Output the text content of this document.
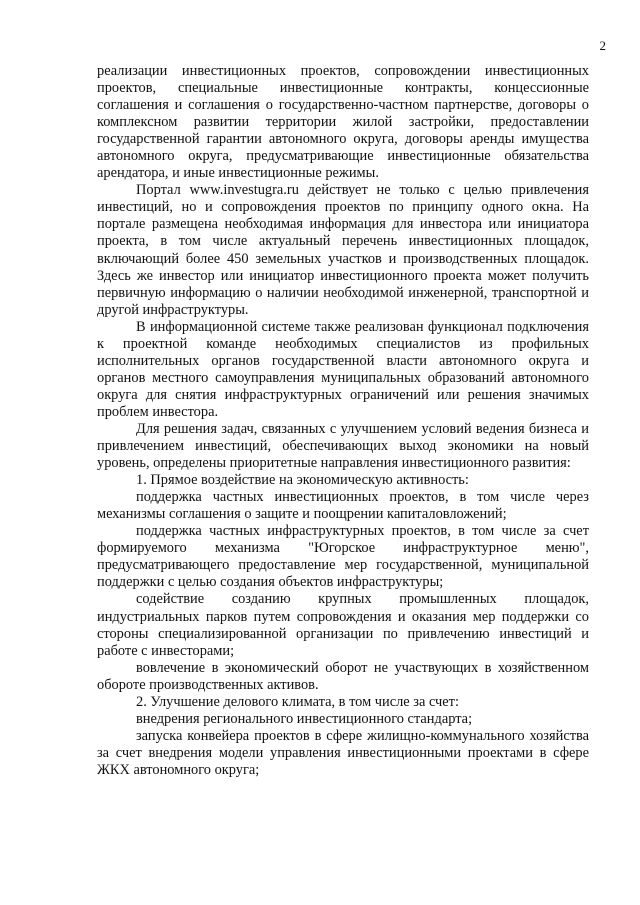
2

реализации инвестиционных проектов, сопровождении инвестиционных проектов, специальные инвестиционные контракты, концессионные соглашения и соглашения о государственно-частном партнерстве, договоры о комплексном развитии территории жилой застройки, предоставлении государственной гарантии автономного округа, договоры аренды имущества автономного округа, предусматривающие инвестиционные обязательства арендатора, и иные инвестиционные режимы.

Портал www.investugra.ru действует не только с целью привлечения инвестиций, но и сопровождения проектов по принципу одного окна. На портале размещена необходимая информация для инвестора или инициатора проекта, в том числе актуальный перечень инвестиционных площадок, включающий более 450 земельных участков и производственных площадок. Здесь же инвестор или инициатор инвестиционного проекта может получить первичную информацию о наличии необходимой инженерной, транспортной и другой инфраструктуры.

В информационной системе также реализован функционал подключения к проектной команде необходимых специалистов из профильных исполнительных органов государственной власти автономного округа и органов местного самоуправления муниципальных образований автономного округа для снятия инфраструктурных ограничений или решения значимых проблем инвестора.

Для решения задач, связанных с улучшением условий ведения бизнеса и привлечением инвестиций, обеспечивающих выход экономики на новый уровень, определены приоритетные направления инвестиционного развития:

1. Прямое воздействие на экономическую активность:

поддержка частных инвестиционных проектов, в том числе через механизмы соглашения о защите и поощрении капиталовложений;

поддержка частных инфраструктурных проектов, в том числе за счет формируемого механизма "Югорское инфраструктурное меню", предусматривающего предоставление мер государственной, муниципальной поддержки с целью создания объектов инфраструктуры;

содействие созданию крупных промышленных площадок, индустриальных парков путем сопровождения и оказания мер поддержки со стороны специализированной организации по привлечению инвестиций и работе с инвесторами;

вовлечение в экономический оборот не участвующих в хозяйственном обороте производственных активов.

2. Улучшение делового климата, в том числе за счет:

внедрения регионального инвестиционного стандарта;

запуска конвейера проектов в сфере жилищно-коммунального хозяйства за счет внедрения модели управления инвестиционными проектами в сфере ЖКХ автономного округа;
